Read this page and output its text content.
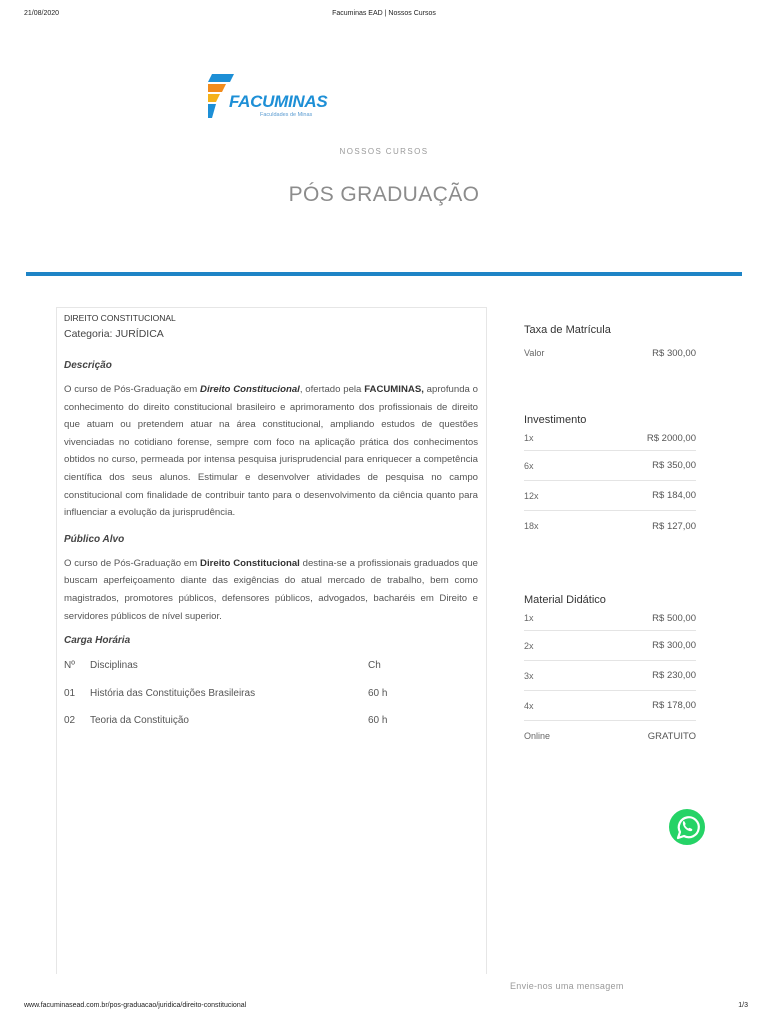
21/08/2020	Facuminas EAD | Nossos Cursos
FACUMINAS
Faculdades de Minas
NOSSOS CURSOS
PÓS GRADUAÇÃO
DIREITO CONSTITUCIONAL
Categoria: JURÍDICA
Descrição

O curso de Pós-Graduação em Direito Constitucional, ofertado pela FACUMINAS, aprofunda o conhecimento do direito constitucional brasileiro e aprimoramento dos profissionais de direito que atuam ou pretendem atuar na área constitucional, ampliando estudos de questões vivenciadas no cotidiano forense, sempre com foco na aplicação prática dos conhecimentos obtidos no curso, permeada por intensa pesquisa jurisprudencial para enriquecer a competência científica dos seus alunos. Estimular e desenvolver atividades de pesquisa no campo constitucional com finalidade de contribuir tanto para o desenvolvimento da ciência quanto para influenciar a evolução da jurisprudência.

Público Alvo

O curso de Pós-Graduação em Direito Constitucional destina-se a profissionais graduados que buscam aperfeiçoamento diante das exigências do atual mercado de trabalho, bem como magistrados, promotores públicos, defensores públicos, advogados, bacharéis em Direito e servidores públicos de nível superior.

Carga Horária
Nº	Disciplinas	Ch
01	História das Constituições Brasileiras	60 h
02	Teoria da Constituição	60 h
Taxa de Matrícula
Valor	R$ 300,00
Investimento
1x	R$ 2000,00
6x	R$ 350,00
12x	R$ 184,00
18x	R$ 127,00
Material Didático
1x	R$ 500,00
2x	R$ 300,00
3x	R$ 230,00
4x	R$ 178,00
Online	GRATUITO
Envie-nos uma mensagem
www.facuminasead.com.br/pos-graduacao/juridica/direito-constitucional	1/3
